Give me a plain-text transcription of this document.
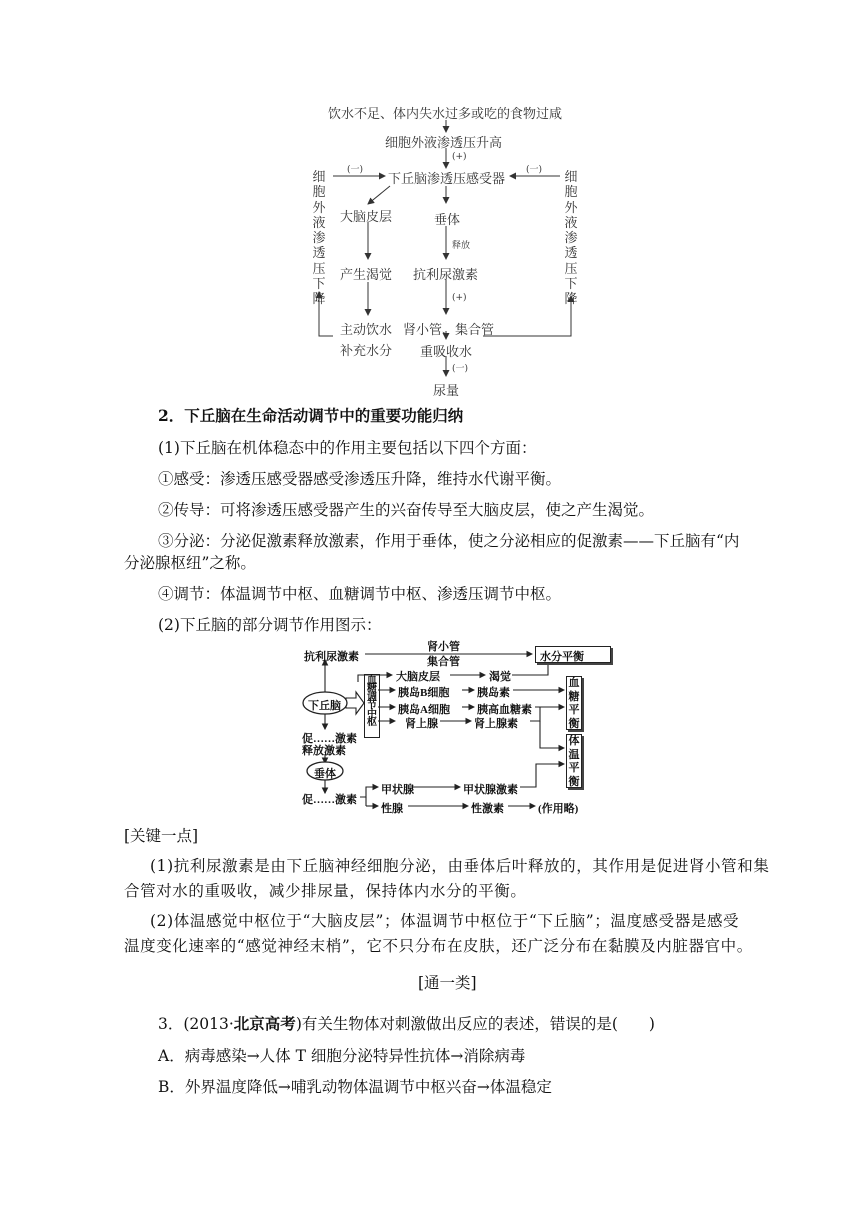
饮水不足、体内失水过多或吃的食物过咸
细胞外液渗透压升高
(+)
(一)	(一)
下丘脑渗透压感受器
细胞外液渗透压下降
细胞外液渗透压下降
大脑皮层	垂体
释放
产生渴觉 抗利尿激素
(+)
主动饮水 肾小管、集合管
补充水分 重吸收水
(一)
尿量
2．下丘脑在生命活动调节中的重要功能归纳
(1)下丘脑在机体稳态中的作用主要包括以下四个方面：
①感受：渗透压感受器感受渗透压升降，维持水代谢平衡。
②传导：可将渗透压感受器产生的兴奋传导至大脑皮层，使之产生渴觉。
③分泌：分泌促激素释放激素，作用于垂体，使之分泌相应的促激素——下丘脑有“内
分泌腺枢纽”之称。
④调节：体温调节中枢、血糖调节中枢、渗透压调节中枢。
(2)下丘脑的部分调节作用图示：
抗利尿激素
肾小管
集合管	水分平衡
大脑皮层	渴觉
下丘脑
血糖调节中枢
胰岛B细胞	胰岛素
胰岛A细胞 胰高血糖素
肾上腺	肾上腺素
血糖平衡
促……激素
释放激素
垂体
体温平衡
促……激素
甲状腺	甲状腺激素
性腺	性激素	(作用略)
[关键一点]
(1)抗利尿激素是由下丘脑神经细胞分泌，由垂体后叶释放的，其作用是促进肾小管和集
合管对水的重吸收，减少排尿量，保持体内水分的平衡。
(2)体温感觉中枢位于“大脑皮层”；体温调节中枢位于“下丘脑”；温度感受器是感受
温度变化速率的“感觉神经末梢”，它不只分布在皮肤，还广泛分布在黏膜及内脏器官中。
[通一类]
3．(2013·北京高考)有关生物体对刺激做出反应的表述，错误的是(　　)
A．病毒感染→人体 T 细胞分泌特异性抗体→消除病毒
B．外界温度降低→哺乳动物体温调节中枢兴奋→体温稳定
